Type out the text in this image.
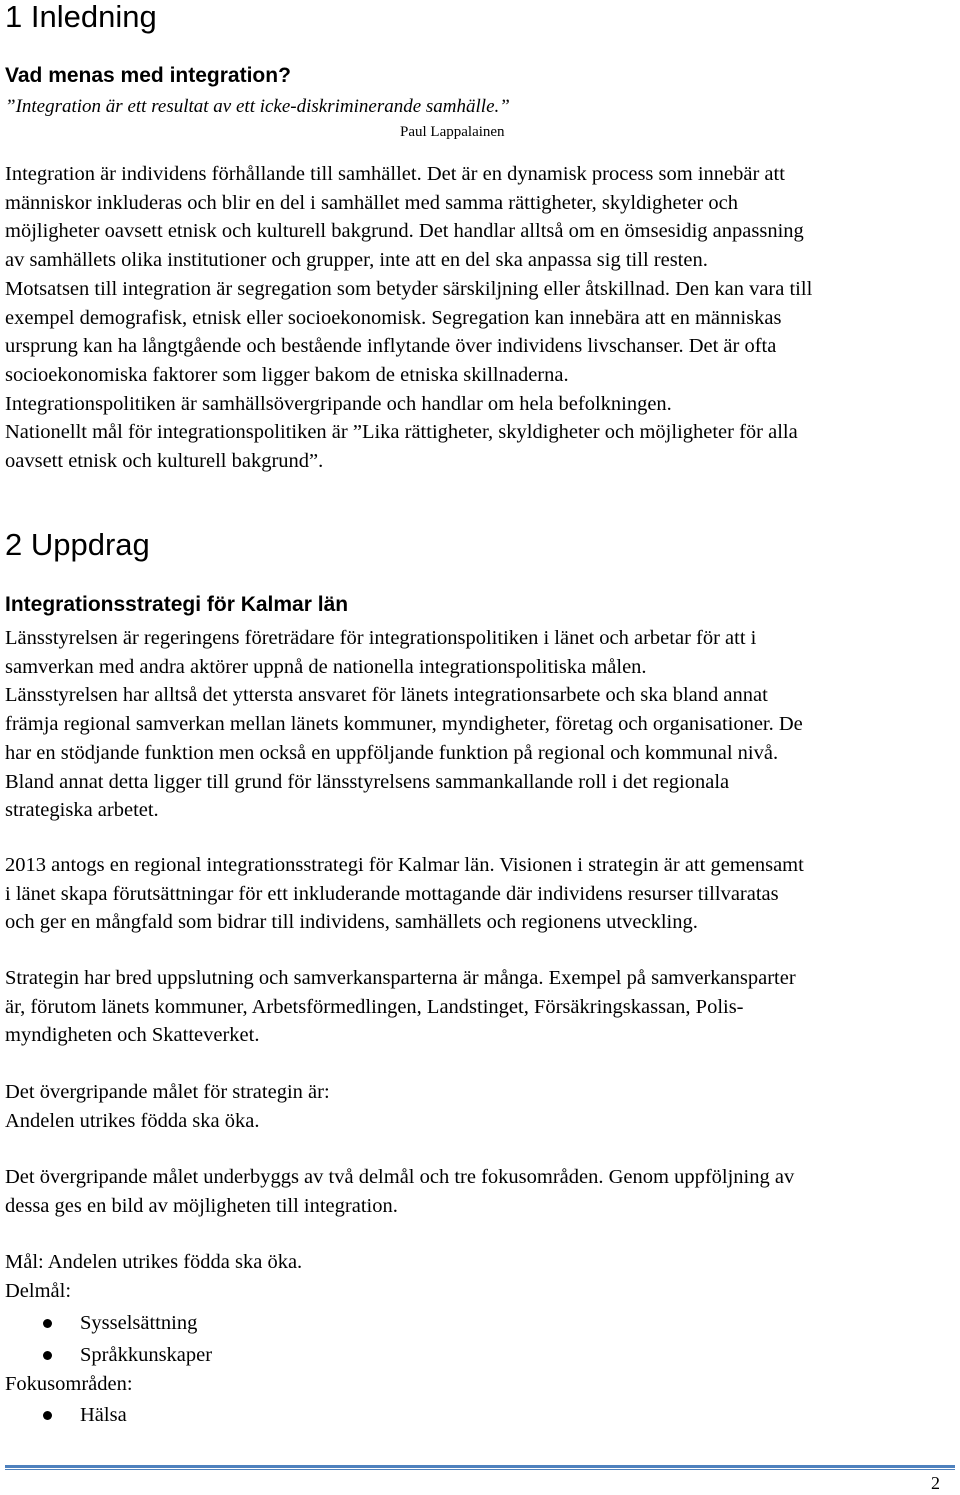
1 Inledning
Vad menas med integration?
”Integration är ett resultat av ett icke-diskriminerande samhälle.”
Paul Lappalainen
Integration är individens förhållande till samhället. Det är en dynamisk process som innebär att
människor inkluderas och blir en del i samhället med samma rättigheter, skyldigheter och
möjligheter oavsett etnisk och kulturell bakgrund. Det handlar alltså om en ömsesidig anpassning
av samhällets olika institutioner och grupper, inte att en del ska anpassa sig till resten.
Motsatsen till integration är segregation som betyder särskiljning eller åtskillnad. Den kan vara till
exempel demografisk, etnisk eller socioekonomisk. Segregation kan innebära att en människas
ursprung kan ha långtgående och bestående inflytande över individens livschanser. Det är ofta
socioekonomiska faktorer som ligger bakom de etniska skillnaderna.
Integrationspolitiken är samhällsövergripande och handlar om hela befolkningen.
Nationellt mål för integrationspolitiken är ”Lika rättigheter, skyldigheter och möjligheter för alla
oavsett etnisk och kulturell bakgrund”.
2 Uppdrag
Integrationsstrategi för Kalmar län
Länsstyrelsen är regeringens företrädare för integrationspolitiken i länet och arbetar för att i
samverkan med andra aktörer uppnå de nationella integrationspolitiska målen.
Länsstyrelsen har alltså det yttersta ansvaret för länets integrationsarbete och ska bland annat
främja regional samverkan mellan länets kommuner, myndigheter, företag och organisationer. De
har en stödjande funktion men också en uppföljande funktion på regional och kommunal nivå.
Bland annat detta ligger till grund för länsstyrelsens sammankallande roll i det regionala
strategiska arbetet.
2013 antogs en regional integrationsstrategi för Kalmar län. Visionen i strategin är att gemensamt
i länet skapa förutsättningar för ett inkluderande mottagande där individens resurser tillvaratas
och ger en mångfald som bidrar till individens, samhällets och regionens utveckling.
Strategin har bred uppslutning och samverkansparterna är många. Exempel på samverkansparter
är, förutom länets kommuner, Arbetsförmedlingen, Landstinget, Försäkringskassan, Polis-
myndigheten och Skatteverket.
Det övergripande målet för strategin är:
Andelen utrikes födda ska öka.
Det övergripande målet underbyggs av två delmål och tre fokusområden. Genom uppföljning av
dessa ges en bild av möjligheten till integration.
Mål: Andelen utrikes födda ska öka.
Delmål:
Sysselsättning
Språkkunskaper
Fokusområden:
Hälsa
2
